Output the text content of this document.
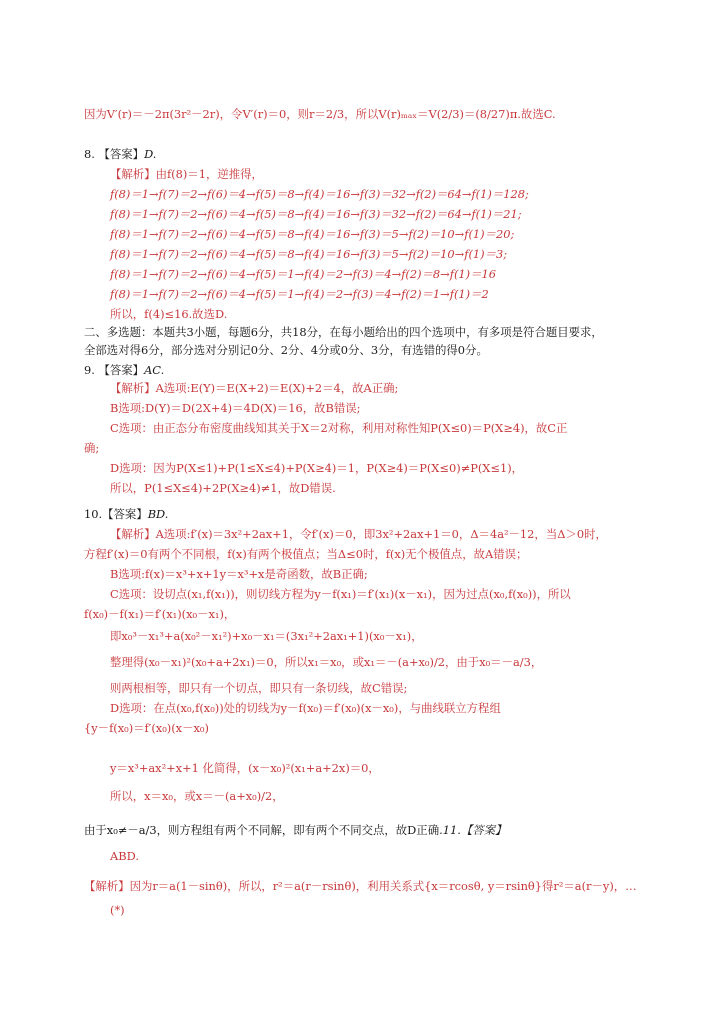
因为V′(r)＝－2π(3r²－2r)，令V′(r)＝0，则r＝2/3，所以V(r)ₘₐₓ＝V(2/3)＝(8/27)π.故选C.
8. 【答案】D.
【解析】由f(8)＝1，逆推得，
f(8)＝1→f(7)＝2→f(6)＝4→f(5)＝8→f(4)＝16→f(3)＝32→f(2)＝64→f(1)＝128;
f(8)＝1→f(7)＝2→f(6)＝4→f(5)＝8→f(4)＝16→f(3)＝32→f(2)＝64→f(1)＝21;
f(8)＝1→f(7)＝2→f(6)＝4→f(5)＝8→f(4)＝16→f(3)＝5→f(2)＝10→f(1)＝20;
f(8)＝1→f(7)＝2→f(6)＝4→f(5)＝8→f(4)＝16→f(3)＝5→f(2)＝10→f(1)＝3;
f(8)＝1→f(7)＝2→f(6)＝4→f(5)＝1→f(4)＝2→f(3)＝4→f(2)＝8→f(1)＝16
f(8)＝1→f(7)＝2→f(6)＝4→f(5)＝1→f(4)＝2→f(3)＝4→f(2)＝1→f(1)＝2
所以，f(4)≤16.故选D.
二、多选题：本题共3小题，每题6分，共18分，在每小题给出的四个选项中，有多项是符合题目要求，
全部选对得6分，部分选对分别记0分、2分、4分或0分、3分，有选错的得0分。
9. 【答案】AC.
【解析】A选项:E(Y)＝E(X+2)＝E(X)+2＝4，故A正确;
B选项:D(Y)＝D(2X+4)＝4D(X)＝16，故B错误;
C选项：由正态分布密度曲线知其关于X＝2对称，利用对称性知P(X≤0)＝P(X≥4)，故C正
确;
D选项：因为P(X≤1)+P(1≤X≤4)+P(X≥4)＝1，P(X≥4)＝P(X≤0)≠P(X≤1)，
所以，P(1≤X≤4)+2P(X≥4)≠1，故D错误.
10.【答案】BD.
【解析】A选项:f′(x)＝3x²+2ax+1，令f′(x)＝0，即3x²+2ax+1＝0，Δ＝4a²－12，当Δ＞0时，
方程f′(x)＝0有两个不同根，f(x)有两个极值点；当Δ≤0时，f(x)无个极值点，故A错误；
B选项:f(x)＝x³+x+1y＝x³+x是奇函数，故B正确;
C选项：设切点(x₁,f(x₁))，则切线方程为y－f(x₁)＝f′(x₁)(x－x₁)，因为过点(x₀,f(x₀))，所以
f(x₀)－f(x₁)＝f′(x₁)(x₀－x₁)，
即x₀³－x₁³+a(x₀²－x₁²)+x₀－x₁＝(3x₁²+2ax₁+1)(x₀－x₁)，
整理得(x₀－x₁)²(x₀+a+2x₁)＝0，所以x₁＝x₀，或x₁＝－(a+x₀)/2，由于x₀＝－a/3，
则两根相等，即只有一个切点，即只有一条切线，故C错误;
D选项：在点(x₀,f(x₀))处的切线为y－f(x₀)＝f′(x₀)(x－x₀)，与曲线联立方程组
{y－f(x₀)＝f′(x₀)(x－x₀)
y＝x³+ax²+x+1 化简得，(x－x₀)²(x₁+a+2x)＝0，
所以，x＝x₀，或x＝－(a+x₀)/2，
由于x₀≠－a/3，则方程组有两个不同解，即有两个不同交点，故D正确.11.【答案】
ABD.
【解析】因为r＝a(1－sinθ)，所以，r²＝a(r－rsinθ)，利用关系式{x＝rcosθ, y＝rsinθ}得r²＝a(r－y)，…
(*)
